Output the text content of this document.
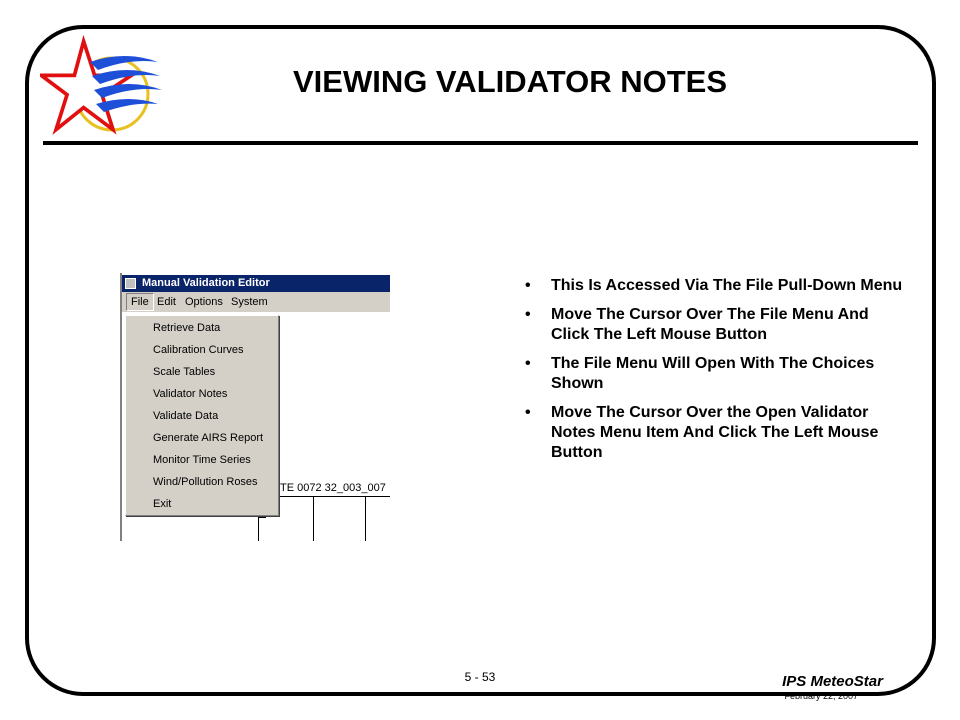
VIEWING VALIDATOR NOTES
Manual Validation Editor
File Edit Options System
TE 0072 32_003_007
Retrieve Data
Calibration Curves
Scale Tables
Validator Notes
Validate Data
Generate AIRS Report
Monitor Time Series
Wind/Pollution Roses
Exit
• This Is Accessed Via The File Pull-Down Menu
• Move The Cursor Over The File Menu And Click The Left Mouse Button
• The File Menu Will Open With The Choices Shown
• Move The Cursor Over the Open Validator Notes Menu Item And Click The Left Mouse Button
5 - 53	IPS MeteoStar
February 22, 2007
